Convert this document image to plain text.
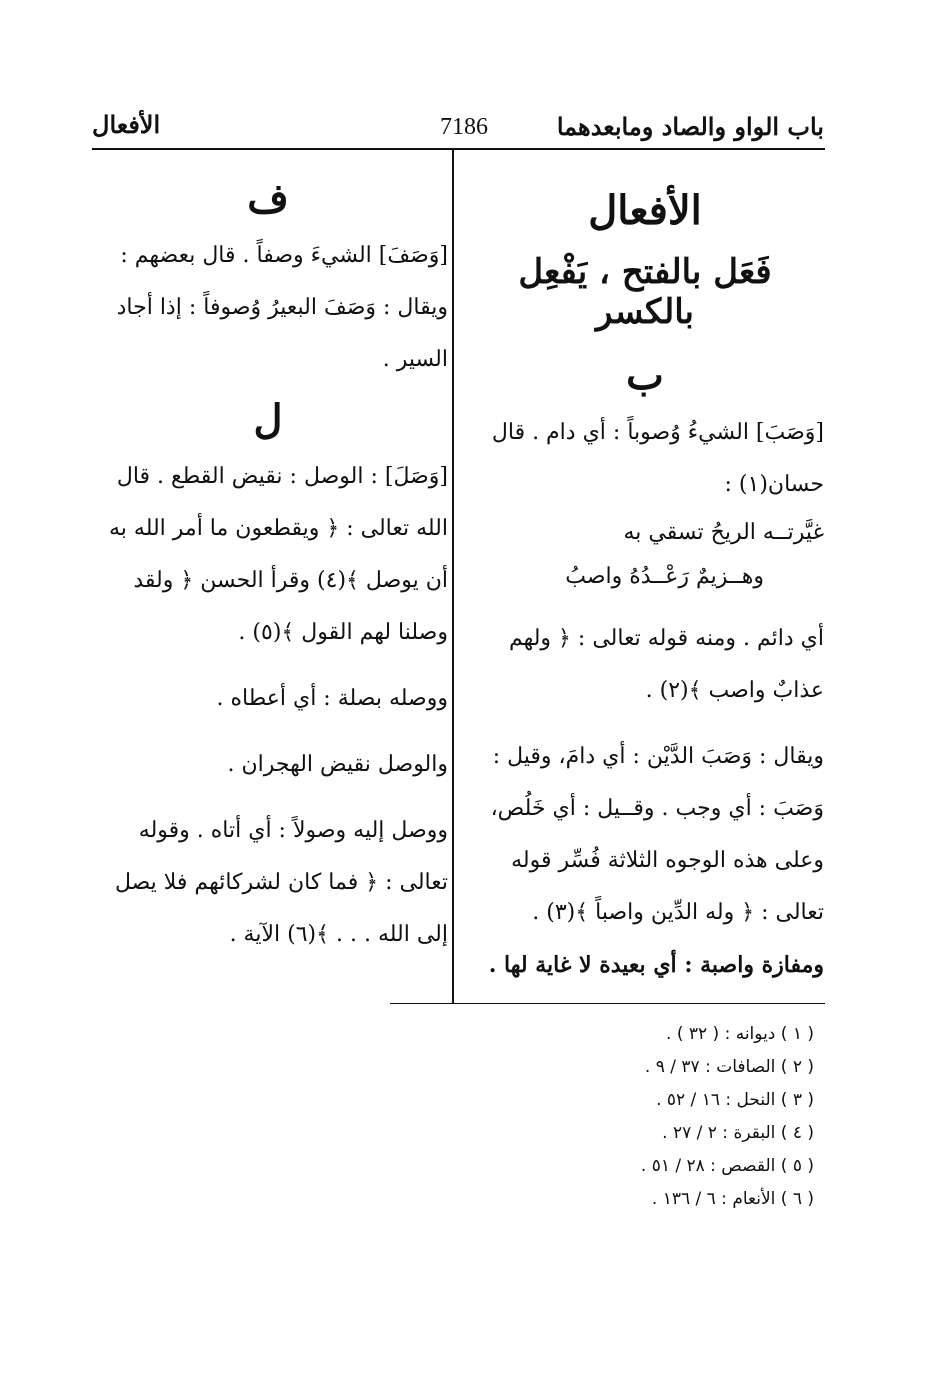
باب الواو والصاد ومابعدهما
7186
الأفعال
الأفعال
فَعَل بالفتح ، يَفْعِل بالكسر
ب

[وَصَبَ] الشيءُ وُصوباً : أي دام . قال حسان(١) :

غيَّرتــه الريحُ تسقي به
وهــزيمٌ رَعْــدُهُ واصبُ

أي دائم . ومنه قوله تعالى : ﴿ ولهم عذابٌ واصب ﴾(٢) .

ويقال : وَصَبَ الدَّيْن : أي دامَ، وقيل : وَصَبَ : أي وجب . وقــيل : أي خَلُص، وعلى هذه الوجوه الثلاثة فُسِّر قوله تعالى : ﴿ وله الدِّين واصباً ﴾(٣) .

ومفازة واصبة : أي بعيدة لا غاية لها .

ف

[وَصَفَ] الشيءَ وصفاً . قال بعضهم : ويقال : وَصَفَ البعيرُ وُصوفاً : إذا أجاد السير .

ل

[وَصَلَ] : الوصل : نقيض القطع . قال الله تعالى : ﴿ ويقطعون ما أمر الله به أن يوصل ﴾(٤) وقرأ الحسن ﴿ ولقد وصلنا لهم القول ﴾(٥) .

ووصله بصلة : أي أعطاه .

والوصل نقيض الهجران .

ووصل إليه وصولاً : أي أتاه . وقوله تعالى : ﴿ فما كان لشركائهم فلا يصل إلى الله . . . ﴾(٦) الآية .

( ١ ) ديوانه : ( ٣٢ ) .
( ٢ ) الصافات : ٣٧ / ٩ .
( ٣ ) النحل : ١٦ / ٥٢ .
( ٤ ) البقرة : ٢ / ٢٧ .
( ٥ ) القصص : ٢٨ / ٥١ .
( ٦ ) الأنعام : ٦ / ١٣٦ .
